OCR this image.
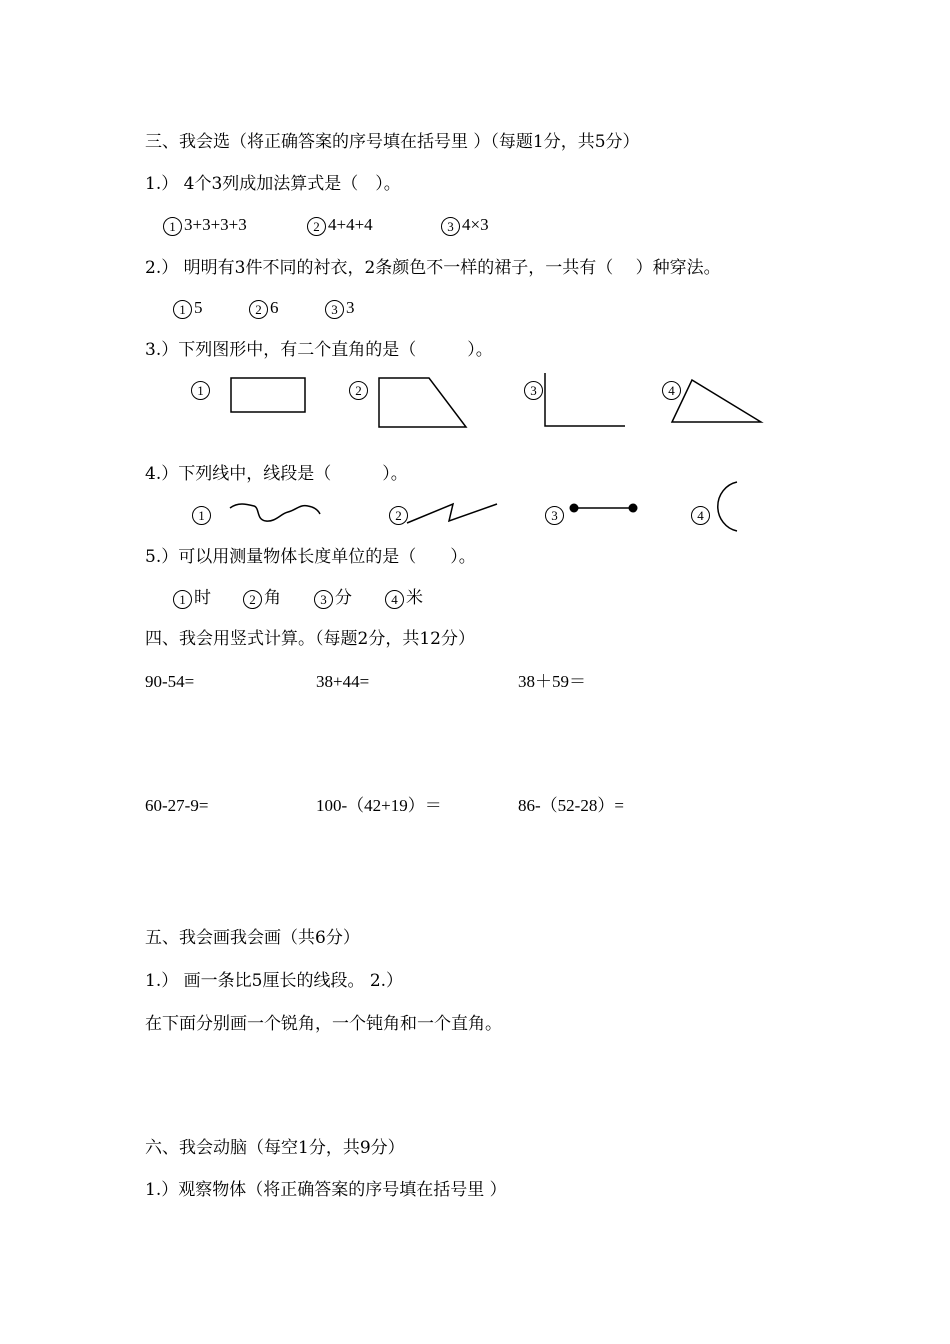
三、我会选（将正确答案的序号填在括号里 ）（每题1分，共5分）
1.） 4个3列成加法算式是（　）。
1 3+3+3+3	2 4+4+4	3 4×3
2.） 明明有3件不同的衬衣，2条颜色不一样的裙子，一共有（　 ）种穿法。
1 5	2 6	3 3
3.）下列图形中，有二个直角的是（　　　）。
1	2	3	4
4.）下列线中，线段是（　　　）。
1	2	3	4
5.）可以用测量物体长度单位的是（　　）。
1 时	2 角	3 分	4 米
四、我会用竖式计算。（每题2分，共12分）
90-54=	38+44=	38＋59＝
60-27-9=	100-（42+19）＝	86-（52-28）=
五、我会画我会画（共6分）
1.） 画一条比5厘长的线段。 2.）
在下面分别画一个锐角，一个钝角和一个直角。
六、我会动脑（每空1分，共9分）
1.）观察物体（将正确答案的序号填在括号里 ）
